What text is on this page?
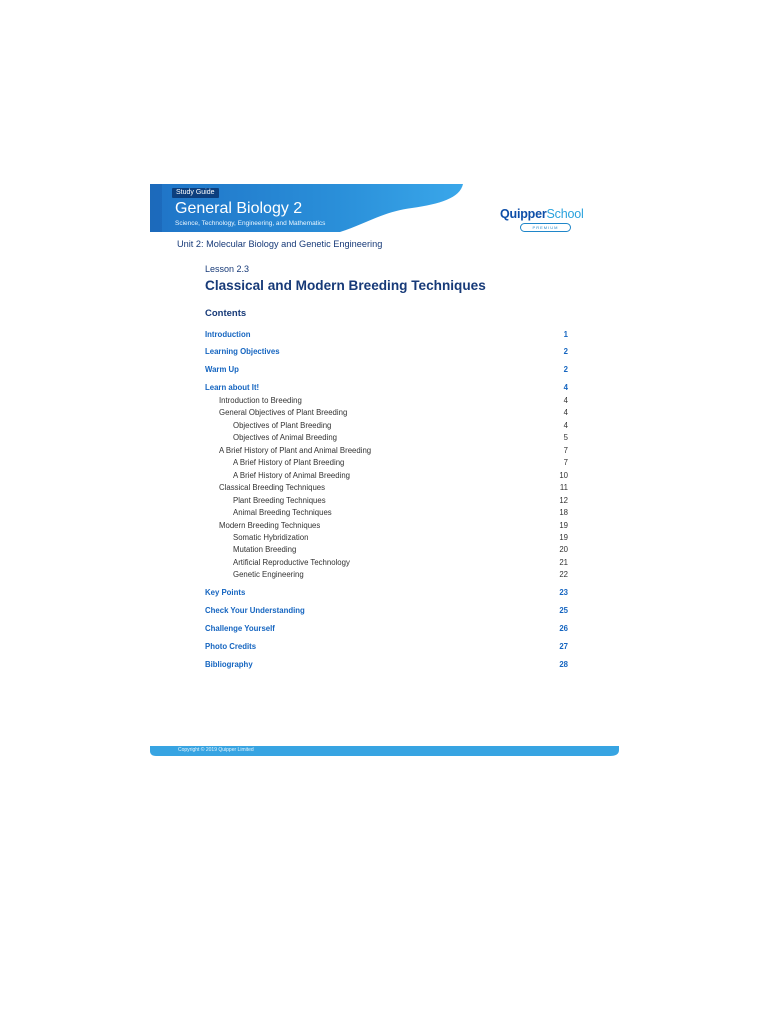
Study Guide
General Biology 2
Science, Technology, Engineering, and Mathematics
QuipperSchool
PREMIUM
Unit 2: Molecular Biology and Genetic Engineering
Lesson 2.3
Classical and Modern Breeding Techniques
Contents
Introduction	1
Learning Objectives	2
Warm Up	2
Learn about It!	4
Introduction to Breeding	4
General Objectives of Plant Breeding	4
Objectives of Plant Breeding	4
Objectives of Animal Breeding	5
A Brief History of Plant and Animal Breeding	7
A Brief History of Plant Breeding	7
A Brief History of Animal Breeding	10
Classical Breeding Techniques	11
Plant Breeding Techniques	12
Animal Breeding Techniques	18
Modern Breeding Techniques	19
Somatic Hybridization	19
Mutation Breeding	20
Artificial Reproductive Technology	21
Genetic Engineering	22
Key Points	23
Check Your Understanding	25
Challenge Yourself	26
Photo Credits	27
Bibliography	28
Copyright © 2019 Quipper Limited
